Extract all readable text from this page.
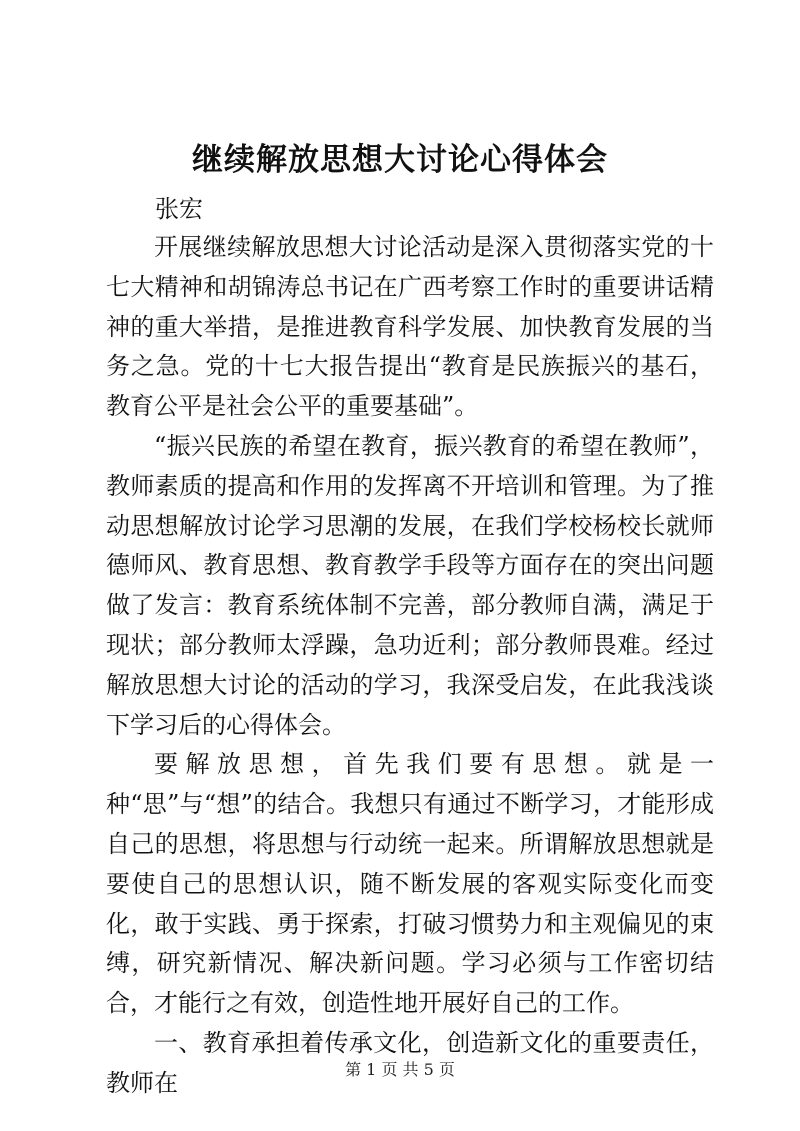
继续解放思想大讨论心得体会
张宏

开展继续解放思想大讨论活动是深入贯彻落实党的十七大精神和胡锦涛总书记在广西考察工作时的重要讲话精神的重大举措，是推进教育科学发展、加快教育发展的当务之急。党的十七大报告提出“教育是民族振兴的基石，教育公平是社会公平的重要基础”。

“振兴民族的希望在教育，振兴教育的希望在教师”，教师素质的提高和作用的发挥离不开培训和管理。为了推动思想解放讨论学习思潮的发展，在我们学校杨校长就师德师风、教育思想、教育教学手段等方面存在的突出问题做了发言：教育系统体制不完善，部分教师自满，满足于现状；部分教师太浮躁，急功近利；部分教师畏难。经过解放思想大讨论的活动的学习，我深受启发，在此我浅谈下学习后的心得体会。

要解放思想，首先我们要有思想。就是一种“思”与“想”的结合。我想只有通过不断学习，才能形成自己的思想，将思想与行动统一起来。所谓解放思想就是要使自己的思想认识，随不断发展的客观实际变化而变化，敢于实践、勇于探索，打破习惯势力和主观偏见的束缚，研究新情况、解决新问题。学习必须与工作密切结合，才能行之有效，创造性地开展好自己的工作。

一、教育承担着传承文化，创造新文化的重要责任，教师在	第 1 页 共 5 页
